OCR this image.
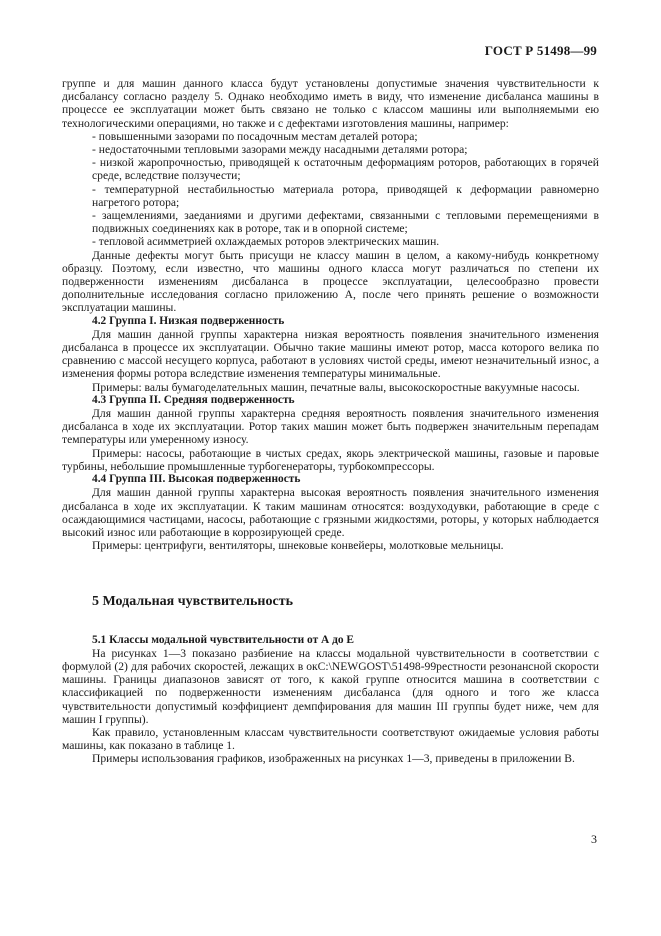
ГОСТ Р 51498—99

группе и для машин данного класса будут установлены допустимые значения чувствительности к дисбалансу согласно разделу 5. Однако необходимо иметь в виду, что изменение дисбаланса машины в процессе ее эксплуатации может быть связано не только с классом машины или выполняемыми ею технологическими операциями, но также и с дефектами изготовления машины, например:

- повышенными зазорами по посадочным местам деталей ротора;

- недостаточными тепловыми зазорами между насадными деталями ротора;

- низкой жаропрочностью, приводящей к остаточным деформациям роторов, работающих в горячей среде, вследствие ползучести;

- температурной нестабильностью материала ротора, приводящей к деформации равномерно нагретого ротора;

- защемлениями, заеданиями и другими дефектами, связанными с тепловыми перемещениями в подвижных соединениях как в роторе, так и в опорной системе;

- тепловой асимметрией охлаждаемых роторов электрических машин.

Данные дефекты могут быть присущи не классу машин в целом, а какому-нибудь конкретному образцу. Поэтому, если известно, что машины одного класса могут различаться по степени их подверженности изменениям дисбаланса в процессе эксплуатации, целесообразно провести дополнительные исследования согласно приложению А, после чего принять решение о возможности эксплуатации машины.

4.2 Группа I. Низкая подверженность

Для машин данной группы характерна низкая вероятность появления значительного изменения дисбаланса в процессе их эксплуатации. Обычно такие машины имеют ротор, масса которого велика по сравнению с массой несущего корпуса, работают в условиях чистой среды, имеют незначительный износ, а изменения формы ротора вследствие изменения температуры минимальные.

Примеры: валы бумагоделательных машин, печатные валы, высокоскоростные вакуумные насосы.

4.3 Группа II. Средняя подверженность

Для машин данной группы характерна средняя вероятность появления значительного изменения дисбаланса в ходе их эксплуатации. Ротор таких машин может быть подвержен значительным перепадам температуры или умеренному износу.

Примеры: насосы, работающие в чистых средах, якорь электрической машины, газовые и паровые турбины, небольшие промышленные турбогенераторы, турбокомпрессоры.

4.4 Группа III. Высокая подверженность

Для машин данной группы характерна высокая вероятность появления значительного изменения дисбаланса в ходе их эксплуатации. К таким машинам относятся: воздуходувки, работающие в среде с осаждающимися частицами, насосы, работающие с грязными жидкостями, роторы, у которых наблюдается высокий износ или работающие в коррозирующей среде.

Примеры: центрифуги, вентиляторы, шнековые конвейеры, молотковые мельницы.

5 Модальная чувствительность

5.1 Классы модальной чувствительности от А до Е

На рисунках 1—3 показано разбиение на классы модальной чувствительности в соответствии с формулой (2) для рабочих скоростей, лежащих в окС:\NEWGOST\51498-99рестности резонансной скорости машины. Границы диапазонов зависят от того, к какой группе относится машина в соответствии с классификацией по подверженности изменениям дисбаланса (для одного и того же класса чувствительности допустимый коэффициент демпфирования для машин III группы будет ниже, чем для машин I группы).

Как правило, установленным классам чувствительности соответствуют ожидаемые условия работы машины, как показано в таблице 1.

Примеры использования графиков, изображенных на рисунках 1—3, приведены в приложении В.

3
